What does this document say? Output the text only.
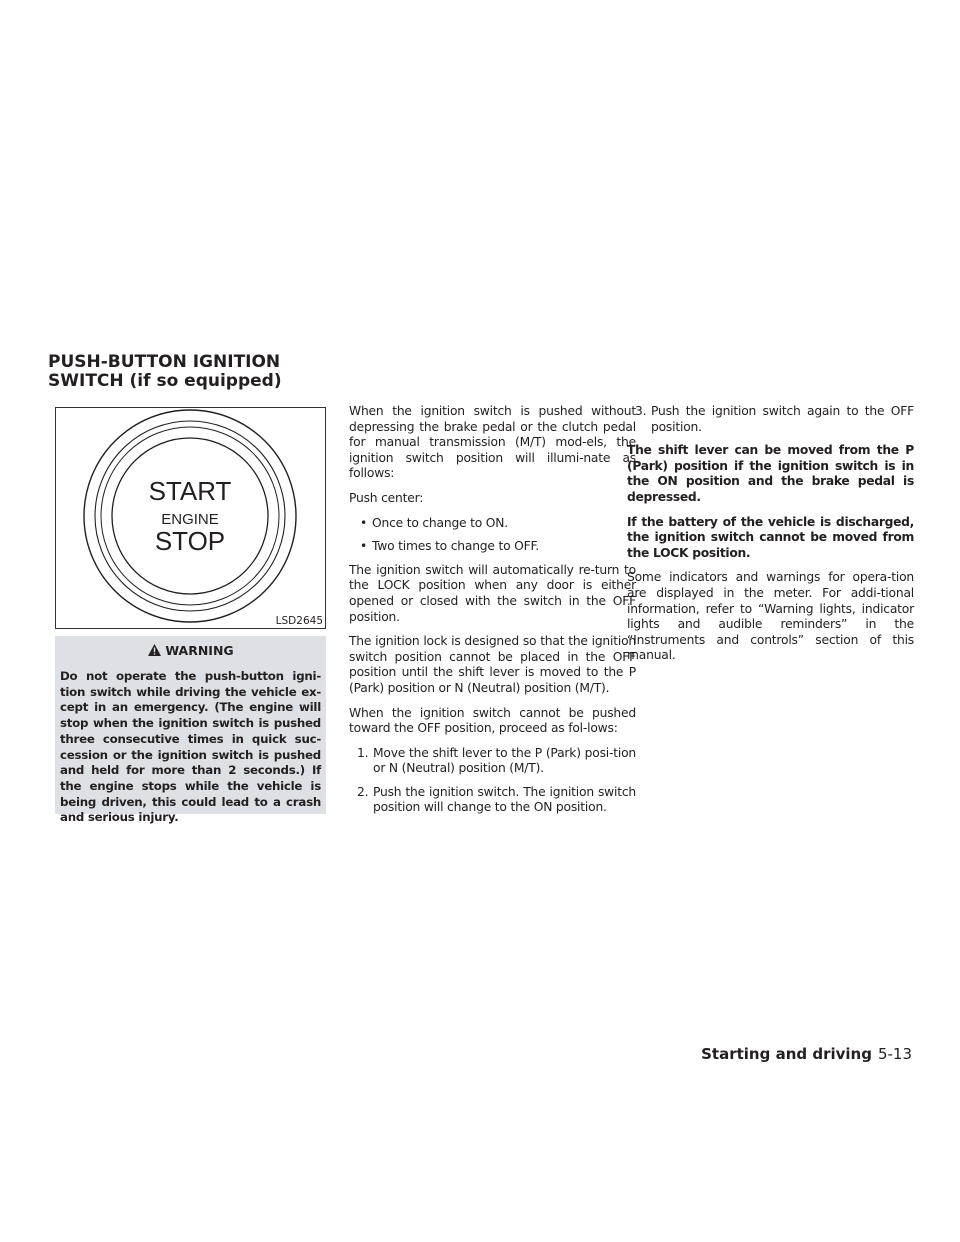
PUSH-BUTTON IGNITION SWITCH (if so equipped)
START
ENGINE
STOP
LSD2645
WARNING

Do not operate the push-button igni-tion switch while driving the vehicle ex-cept in an emergency. (The engine will stop when the ignition switch is pushed three consecutive times in quick suc-cession or the ignition switch is pushed and held for more than 2 seconds.) If the engine stops while the vehicle is being driven, this could lead to a crash and serious injury.

When the ignition switch is pushed without depressing the brake pedal or the clutch pedal for manual transmission (M/T) mod-els, the ignition switch position will illumi-nate as follows:

Push center:

• Once to change to ON.
• Two times to change to OFF.

The ignition switch will automatically re-turn to the LOCK position when any door is either opened or closed with the switch in the OFF position.

The ignition lock is designed so that the ignition switch position cannot be placed in the OFF position until the shift lever is moved to the P (Park) position or N (Neutral) position (M/T).

When the ignition switch cannot be pushed toward the OFF position, proceed as fol-lows:

1. Move the shift lever to the P (Park) posi-tion or N (Neutral) position (M/T).
2. Push the ignition switch. The ignition switch position will change to the ON position.
3. Push the ignition switch again to the OFF position.

The shift lever can be moved from the P (Park) position if the ignition switch is in the ON position and the brake pedal is depressed.

If the battery of the vehicle is discharged, the ignition switch cannot be moved from the LOCK position.

Some indicators and warnings for opera-tion are displayed in the meter. For addi-tional information, refer to “Warning lights, indicator lights and audible reminders” in the “Instruments and controls” section of this manual.

Starting and driving 5-13
